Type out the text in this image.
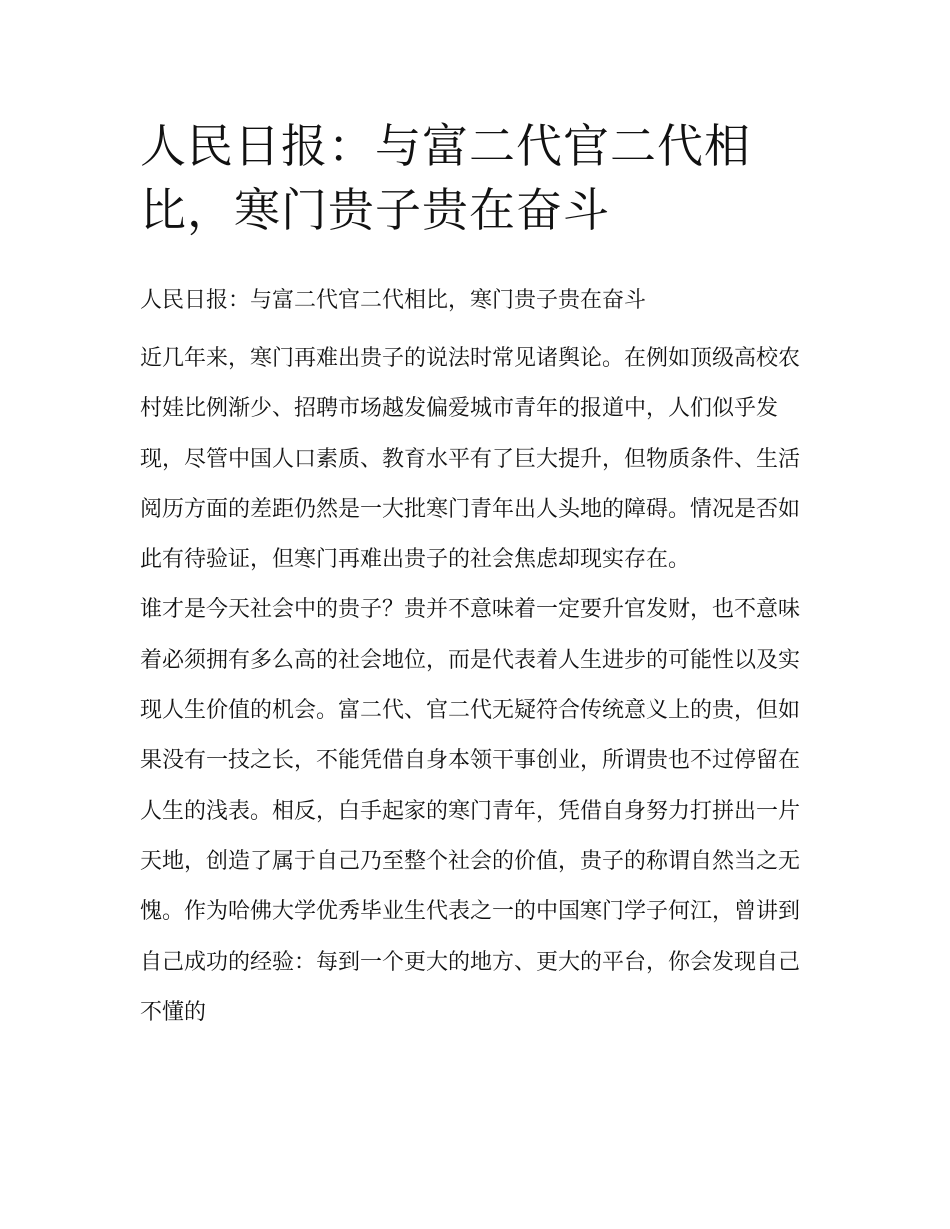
人民日报：与富二代官二代相比，寒门贵子贵在奋斗
人民日报：与富二代官二代相比，寒门贵子贵在奋斗

近几年来，寒门再难出贵子的说法时常见诸舆论。在例如顶级高校农村娃比例渐少、招聘市场越发偏爱城市青年的报道中，人们似乎发现，尽管中国人口素质、教育水平有了巨大提升，但物质条件、生活阅历方面的差距仍然是一大批寒门青年出人头地的障碍。情况是否如此有待验证，但寒门再难出贵子的社会焦虑却现实存在。

谁才是今天社会中的贵子？贵并不意味着一定要升官发财，也不意味着必须拥有多么高的社会地位，而是代表着人生进步的可能性以及实现人生价值的机会。富二代、官二代无疑符合传统意义上的贵，但如果没有一技之长，不能凭借自身本领干事创业，所谓贵也不过停留在人生的浅表。相反，白手起家的寒门青年，凭借自身努力打拼出一片天地，创造了属于自己乃至整个社会的价值，贵子的称谓自然当之无愧。作为哈佛大学优秀毕业生代表之一的中国寒门学子何江，曾讲到自己成功的经验：每到一个更大的地方、更大的平台，你会发现自己不懂的
